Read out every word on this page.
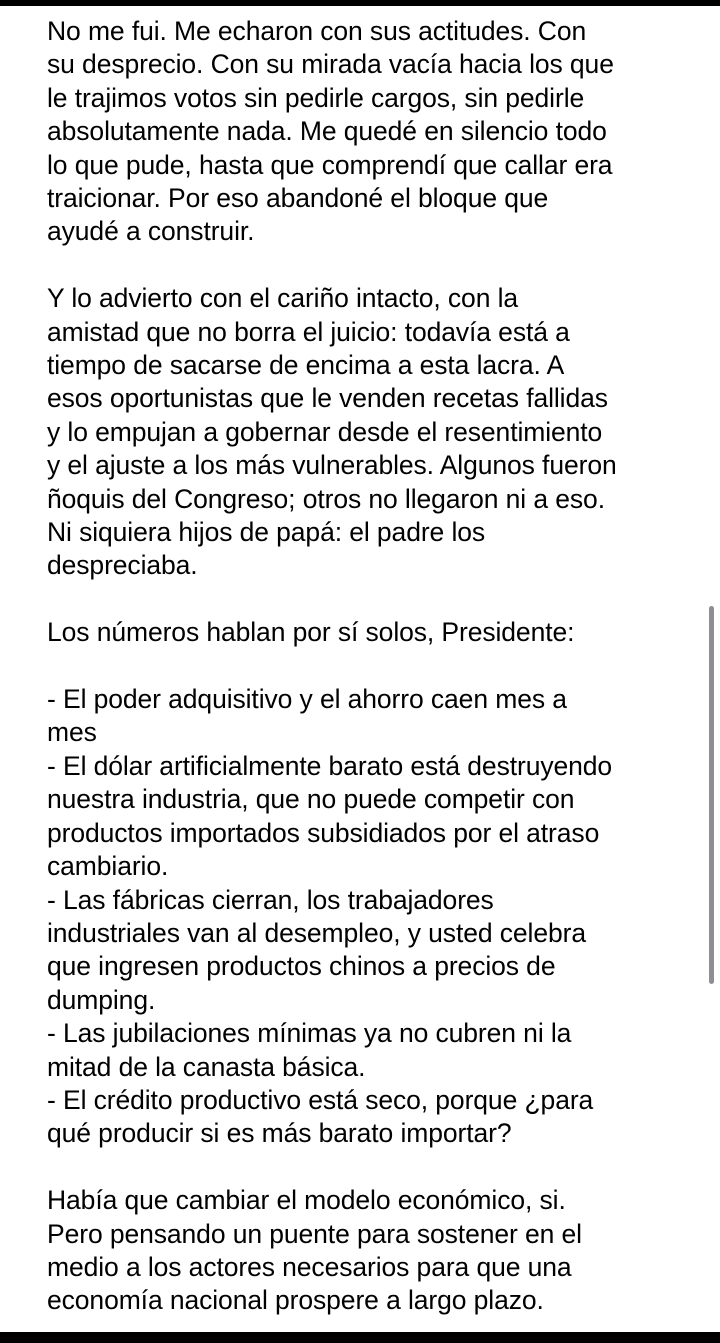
No me fui. Me echaron con sus actitudes. Con
su desprecio. Con su mirada vacía hacia los que
le trajimos votos sin pedirle cargos, sin pedirle
absolutamente nada. Me quedé en silencio todo
lo que pude, hasta que comprendí que callar era
traicionar. Por eso abandoné el bloque que
ayudé a construir.

Y lo advierto con el cariño intacto, con la
amistad que no borra el juicio: todavía está a
tiempo de sacarse de encima a esta lacra. A
esos oportunistas que le venden recetas fallidas
y lo empujan a gobernar desde el resentimiento
y el ajuste a los más vulnerables. Algunos fueron
ñoquis del Congreso; otros no llegaron ni a eso.
Ni siquiera hijos de papá: el padre los
despreciaba.

Los números hablan por sí solos, Presidente:

- El poder adquisitivo y el ahorro caen mes a
mes
- El dólar artificialmente barato está destruyendo
nuestra industria, que no puede competir con
productos importados subsidiados por el atraso
cambiario.
- Las fábricas cierran, los trabajadores
industriales van al desempleo, y usted celebra
que ingresen productos chinos a precios de
dumping.
- Las jubilaciones mínimas ya no cubren ni la
mitad de la canasta básica.
- El crédito productivo está seco, porque ¿para
qué producir si es más barato importar?

Había que cambiar el modelo económico, si.
Pero pensando un puente para sostener en el
medio a los actores necesarios para que una
economía nacional prospere a largo plazo.
